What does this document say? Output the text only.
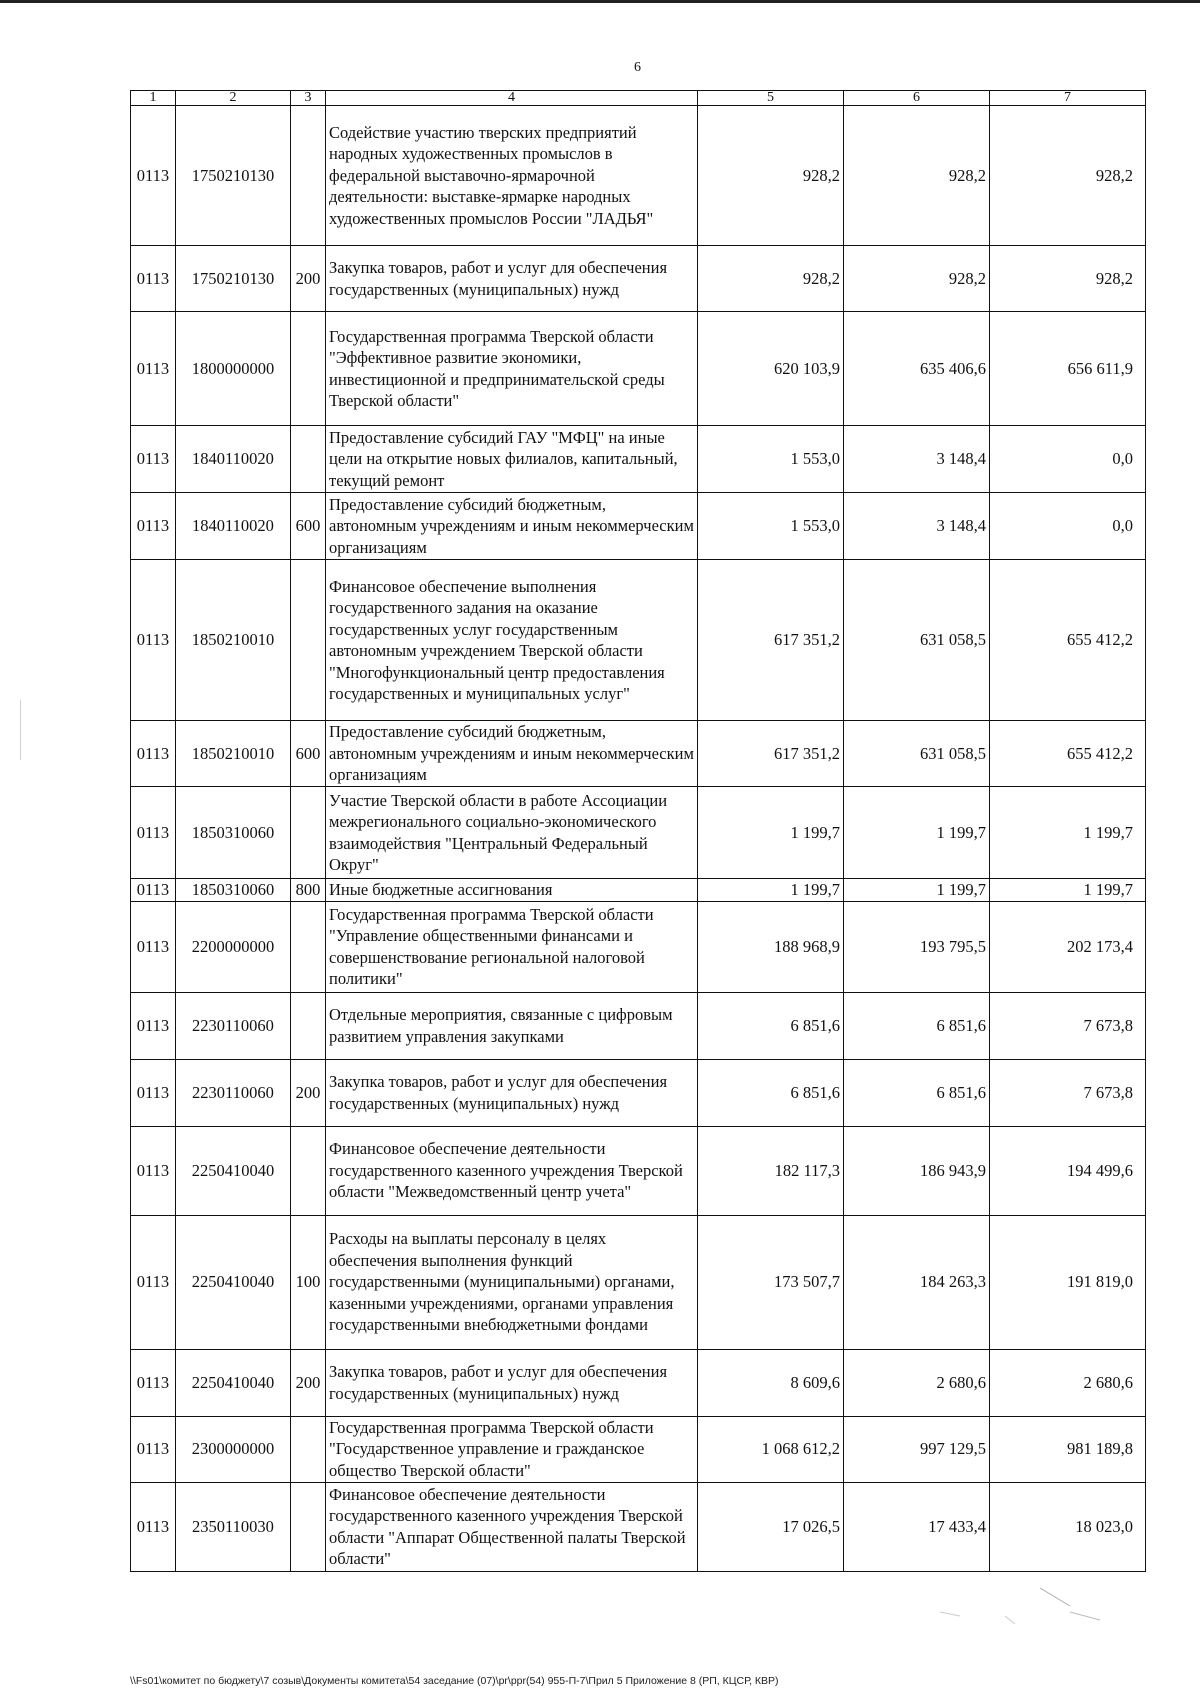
6
1	2	3	4	5	6	7
0113	1750210130		Содействие участию тверских предприятий народных художественных промыслов в федеральной выставочно-ярмарочной деятельности: выставке-ярмарке народных художественных промыслов России "ЛАДЬЯ"	928,2	928,2	928,2
0113	1750210130	200	Закупка товаров, работ и услуг для обеспечения государственных (муниципальных) нужд	928,2	928,2	928,2
0113	1800000000		Государственная программа Тверской области "Эффективное развитие экономики, инвестиционной и предпринимательской среды Тверской области"	620 103,9	635 406,6	656 611,9
0113	1840110020		Предоставление субсидий ГАУ "МФЦ" на иные цели на открытие новых филиалов, капитальный, текущий ремонт	1 553,0	3 148,4	0,0
0113	1840110020	600	Предоставление субсидий бюджетным, автономным учреждениям и иным некоммерческим организациям	1 553,0	3 148,4	0,0
0113	1850210010		Финансовое обеспечение выполнения государственного задания на оказание государственных услуг государственным автономным учреждением Тверской области "Многофункциональный центр предоставления государственных и муниципальных услуг"	617 351,2	631 058,5	655 412,2
0113	1850210010	600	Предоставление субсидий бюджетным, автономным учреждениям и иным некоммерческим организациям	617 351,2	631 058,5	655 412,2
0113	1850310060		Участие Тверской области в работе Ассоциации межрегионального социально-экономического взаимодействия "Центральный Федеральный Округ"	1 199,7	1 199,7	1 199,7
0113	1850310060	800	Иные бюджетные ассигнования	1 199,7	1 199,7	1 199,7
0113	2200000000		Государственная программа Тверской области "Управление общественными финансами и совершенствование региональной налоговой политики"	188 968,9	193 795,5	202 173,4
0113	2230110060		Отдельные мероприятия, связанные с цифровым развитием управления закупками	6 851,6	6 851,6	7 673,8
0113	2230110060	200	Закупка товаров, работ и услуг для обеспечения государственных (муниципальных) нужд	6 851,6	6 851,6	7 673,8
0113	2250410040		Финансовое обеспечение деятельности государственного казенного учреждения Тверской области "Межведомственный центр учета"	182 117,3	186 943,9	194 499,6
0113	2250410040	100	Расходы на выплаты персоналу в целях обеспечения выполнения функций государственными (муниципальными) органами, казенными учреждениями, органами управления государственными внебюджетными фондами	173 507,7	184 263,3	191 819,0
0113	2250410040	200	Закупка товаров, работ и услуг для обеспечения государственных (муниципальных) нужд	8 609,6	2 680,6	2 680,6
0113	2300000000		Государственная программа Тверской области "Государственное управление и гражданское общество Тверской области"	1 068 612,2	997 129,5	981 189,8
0113	2350110030		Финансовое обеспечение деятельности государственного казенного учреждения Тверской области "Аппарат Общественной палаты Тверской области"	17 026,5	17 433,4	18 023,0
\\Fs01\комитет по бюджету\7 созыв\Документы комитета\54 заседание (07)\pr\ppr(54) 955-П-7\Прил 5 Приложение 8 (РП, КЦСР, КВР)
